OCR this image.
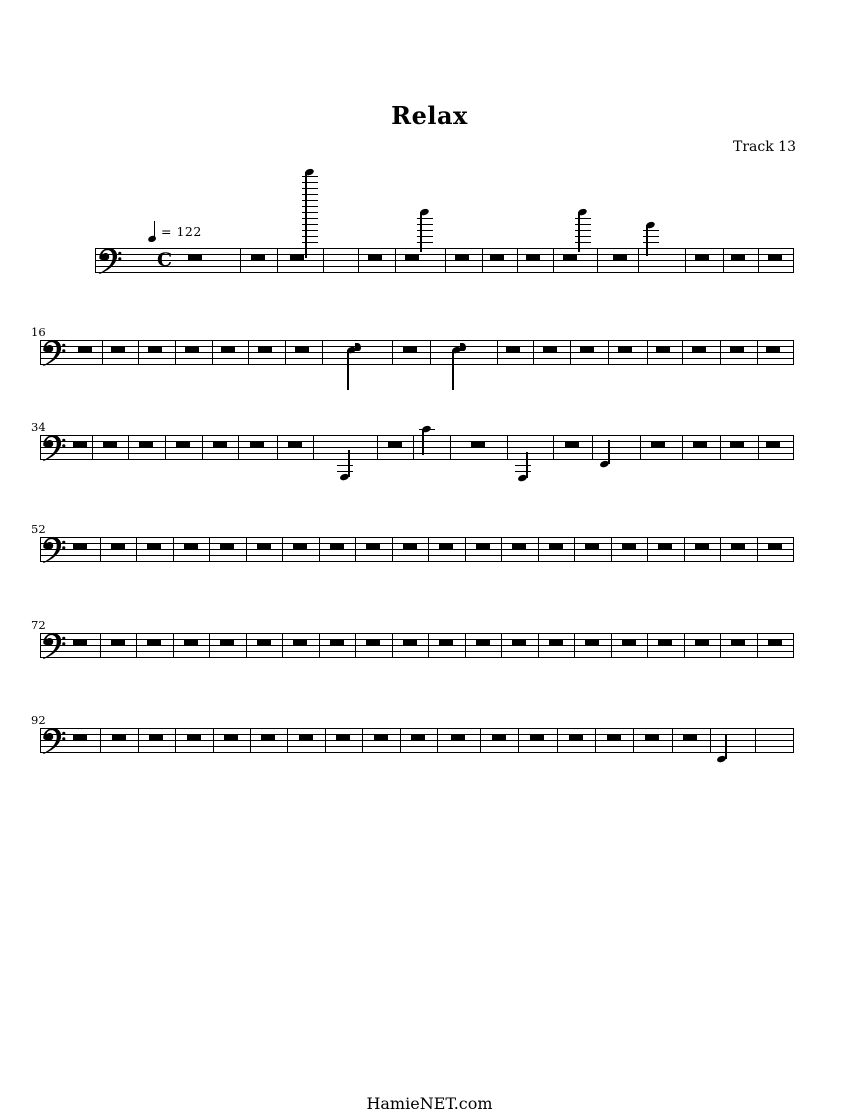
Relax
Track 13
C
= 122
16
34
52
72
92
HamieNET.com
